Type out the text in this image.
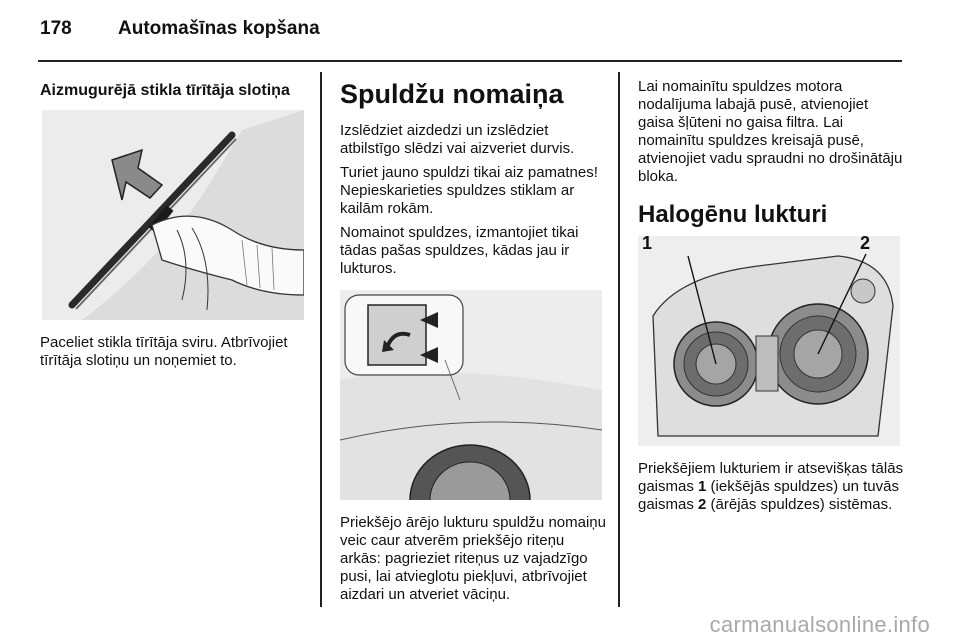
178 Automašīnas kopšana
Aizmugurējā stikla tīrītāja slotiņa

Paceliet stikla tīrītāja sviru. Atbrīvojiet tīrītāja slotiņu un noņemiet to.

Spuldžu nomaiņa

Izslēdziet aizdedzi un izslēdziet atbilstīgo slēdzi vai aizveriet durvis.

Turiet jauno spuldzi tikai aiz pamatnes! Nepieskarieties spuldzes stiklam ar kailām rokām.

Nomainot spuldzes, izmantojiet tikai tādas pašas spuldzes, kādas jau ir lukturos.

Priekšējo ārējo lukturu spuldžu nomaiņu veic caur atverēm priekšējo riteņu arkās: pagrieziet riteņus uz vajadzīgo pusi, lai atvieglotu piekļuvi, atbrīvojiet aizdari un atveriet vāciņu.

Lai nomainītu spuldzes motora nodalījuma labajā pusē, atvienojiet gaisa šļūteni no gaisa filtra. Lai nomainītu spuldzes kreisajā pusē, atvienojiet vadu spraudni no drošinātāju bloka.

Halogēnu lukturi
1	2

Priekšējiem lukturiem ir atsevišķas tālās gaismas 1 (iekšējās spuldzes) un tuvās gaismas 2 (ārējās spuldzes) sistēmas.

carmanualsonline.info
